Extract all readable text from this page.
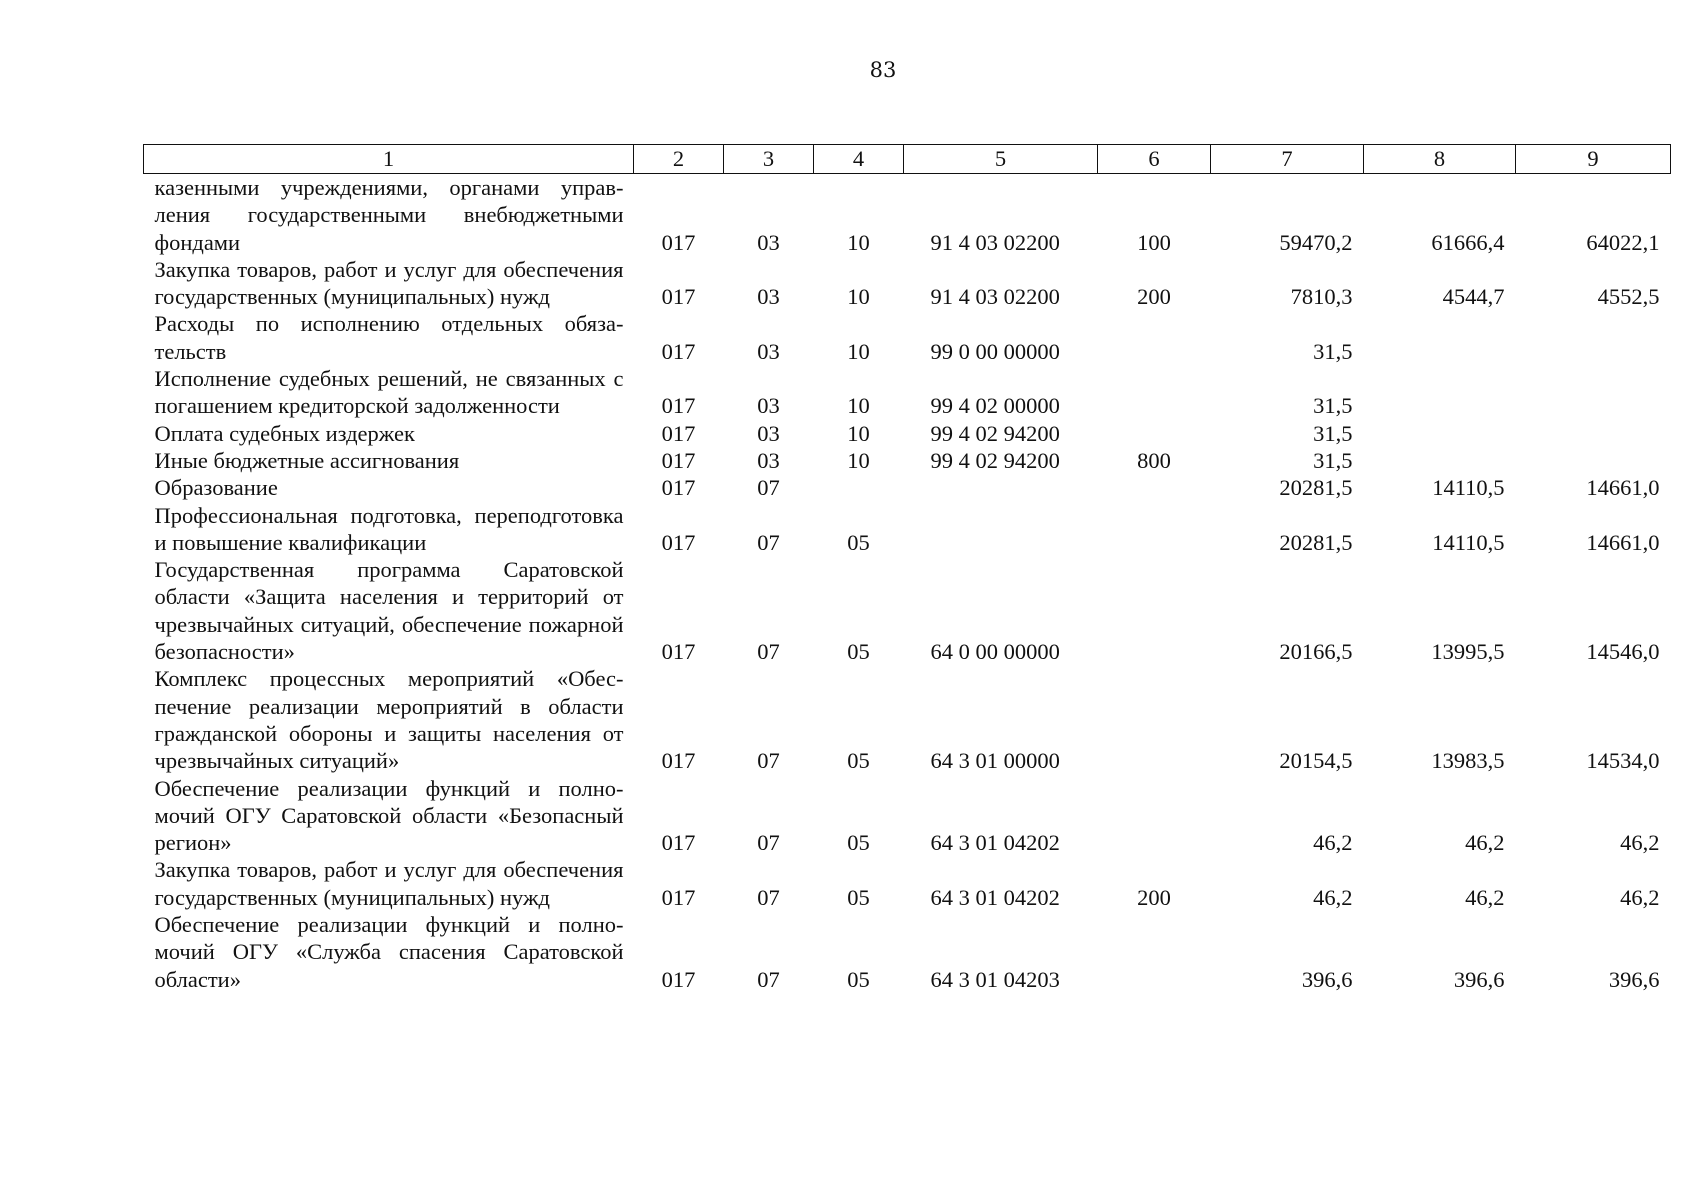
83
1	2	3	4	5	6	7	8	9
казенными учреждениями, органами управления государственными внебюджетными фондами	017	03	10	91 4 03 02200	100	59470,2	61666,4	64022,1
Закупка товаров, работ и услуг для обеспечения государственных (муниципальных) нужд	017	03	10	91 4 03 02200	200	7810,3	4544,7	4552,5
Расходы по исполнению отдельных обязательств	017	03	10	99 0 00 00000		31,5		
Исполнение судебных решений, не связанных с погашением кредиторской задолженности	017	03	10	99 4 02 00000		31,5		
Оплата судебных издержек	017	03	10	99 4 02 94200		31,5		
Иные бюджетные ассигнования	017	03	10	99 4 02 94200	800	31,5		
Образование	017	07				20281,5	14110,5	14661,0
Профессиональная подготовка, переподготовка и повышение квалификации	017	07	05			20281,5	14110,5	14661,0
Государственная программа Саратовской области «Защита населения и территорий от чрезвычайных ситуаций, обеспечение пожарной безопасности»	017	07	05	64 0 00 00000		20166,5	13995,5	14546,0
Комплекс процессных мероприятий «Обеспечение реализации мероприятий в области гражданской обороны и защиты населения от чрезвычайных ситуаций»	017	07	05	64 3 01 00000		20154,5	13983,5	14534,0
Обеспечение реализации функций и полномочий ОГУ Саратовской области «Безопасный регион»	017	07	05	64 3 01 04202		46,2	46,2	46,2
Закупка товаров, работ и услуг для обеспечения государственных (муниципальных) нужд	017	07	05	64 3 01 04202	200	46,2	46,2	46,2
Обеспечение реализации функций и полномочий ОГУ «Служба спасения Саратовской области»	017	07	05	64 3 01 04203		396,6	396,6	396,6
